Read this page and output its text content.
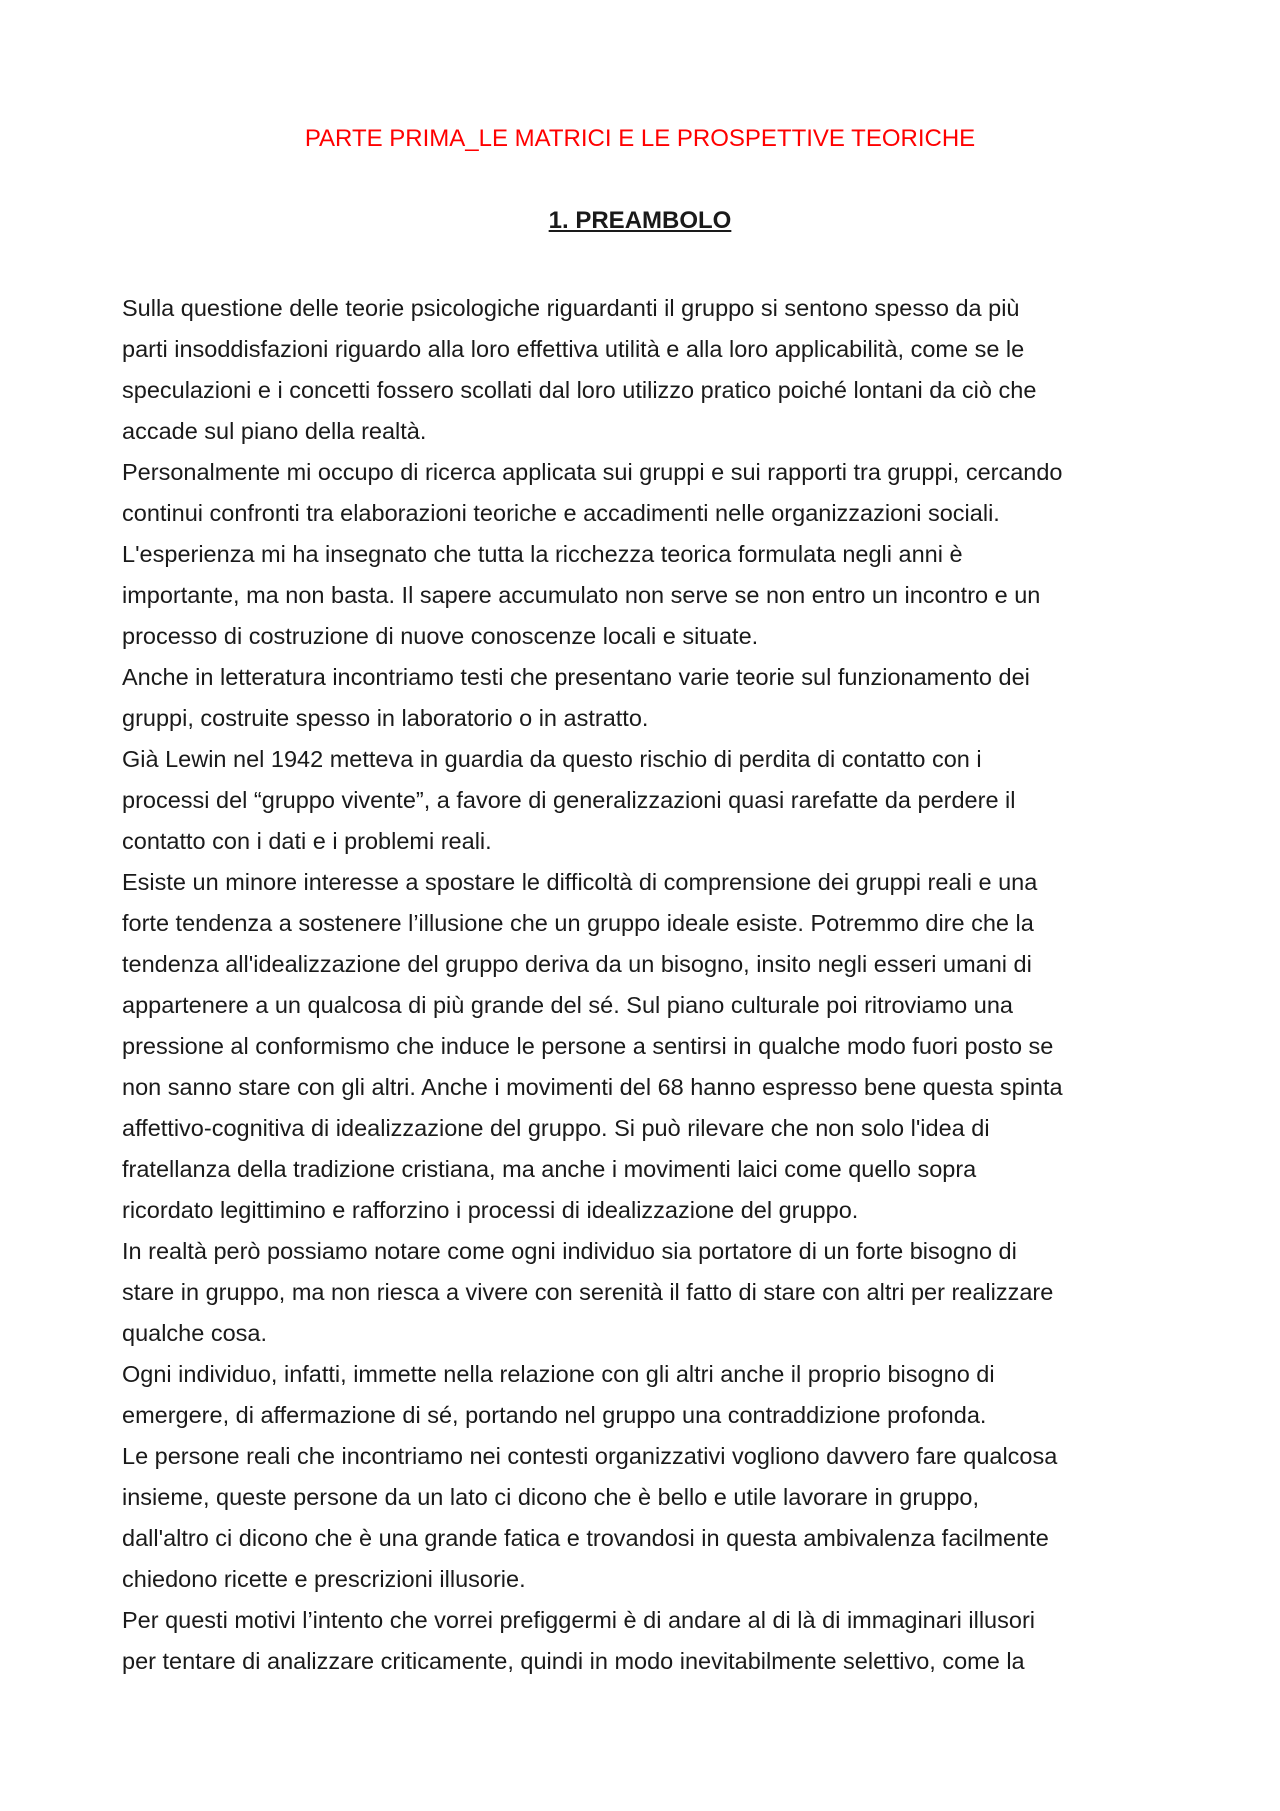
PARTE PRIMA_LE MATRICI E LE PROSPETTIVE TEORICHE
1. PREAMBOLO
Sulla questione delle teorie psicologiche riguardanti il gruppo si sentono spesso da più
parti insoddisfazioni riguardo alla loro effettiva utilità e alla loro applicabilità, come se le
speculazioni e i concetti fossero scollati dal loro utilizzo pratico poiché lontani da ciò che
accade sul piano della realtà.
Personalmente mi occupo di ricerca applicata sui gruppi e sui rapporti tra gruppi, cercando
continui confronti tra elaborazioni teoriche e accadimenti nelle organizzazioni sociali.
L'esperienza mi ha insegnato che tutta la ricchezza teorica formulata negli anni è
importante, ma non basta. Il sapere accumulato non serve se non entro un incontro e un
processo di costruzione di nuove conoscenze locali e situate.
Anche in letteratura incontriamo testi che presentano varie teorie sul funzionamento dei
gruppi, costruite spesso in laboratorio o in astratto.
Già Lewin nel 1942 metteva in guardia da questo rischio di perdita di contatto con i
processi del “gruppo vivente”, a favore di generalizzazioni quasi rarefatte da perdere il
contatto con i dati e i problemi reali.
Esiste un minore interesse a spostare le difficoltà di comprensione dei gruppi reali e una
forte tendenza a sostenere l’illusione che un gruppo ideale esiste. Potremmo dire che la
tendenza all'idealizzazione del gruppo deriva da un bisogno, insito negli esseri umani di
appartenere a un qualcosa di più grande del sé. Sul piano culturale poi ritroviamo una
pressione al conformismo che induce le persone a sentirsi in qualche modo fuori posto se
non sanno stare con gli altri. Anche i movimenti del 68 hanno espresso bene questa spinta
affettivo-cognitiva di idealizzazione del gruppo. Si può rilevare che non solo l'idea di
fratellanza della tradizione cristiana, ma anche i movimenti laici come quello sopra
ricordato legittimino e rafforzino i processi di idealizzazione del gruppo.
In realtà però possiamo notare come ogni individuo sia portatore di un forte bisogno di
stare in gruppo, ma non riesca a vivere con serenità il fatto di stare con altri per realizzare
qualche cosa.
Ogni individuo, infatti, immette nella relazione con gli altri anche il proprio bisogno di
emergere, di affermazione di sé, portando nel gruppo una contraddizione profonda.
Le persone reali che incontriamo nei contesti organizzativi vogliono davvero fare qualcosa
insieme, queste persone da un lato ci dicono che è bello e utile lavorare in gruppo,
dall'altro ci dicono che è una grande fatica e trovandosi in questa ambivalenza facilmente
chiedono ricette e prescrizioni illusorie.
Per questi motivi l’intento che vorrei prefiggermi è di andare al di là di immaginari illusori
per tentare di analizzare criticamente, quindi in modo inevitabilmente selettivo, come la
